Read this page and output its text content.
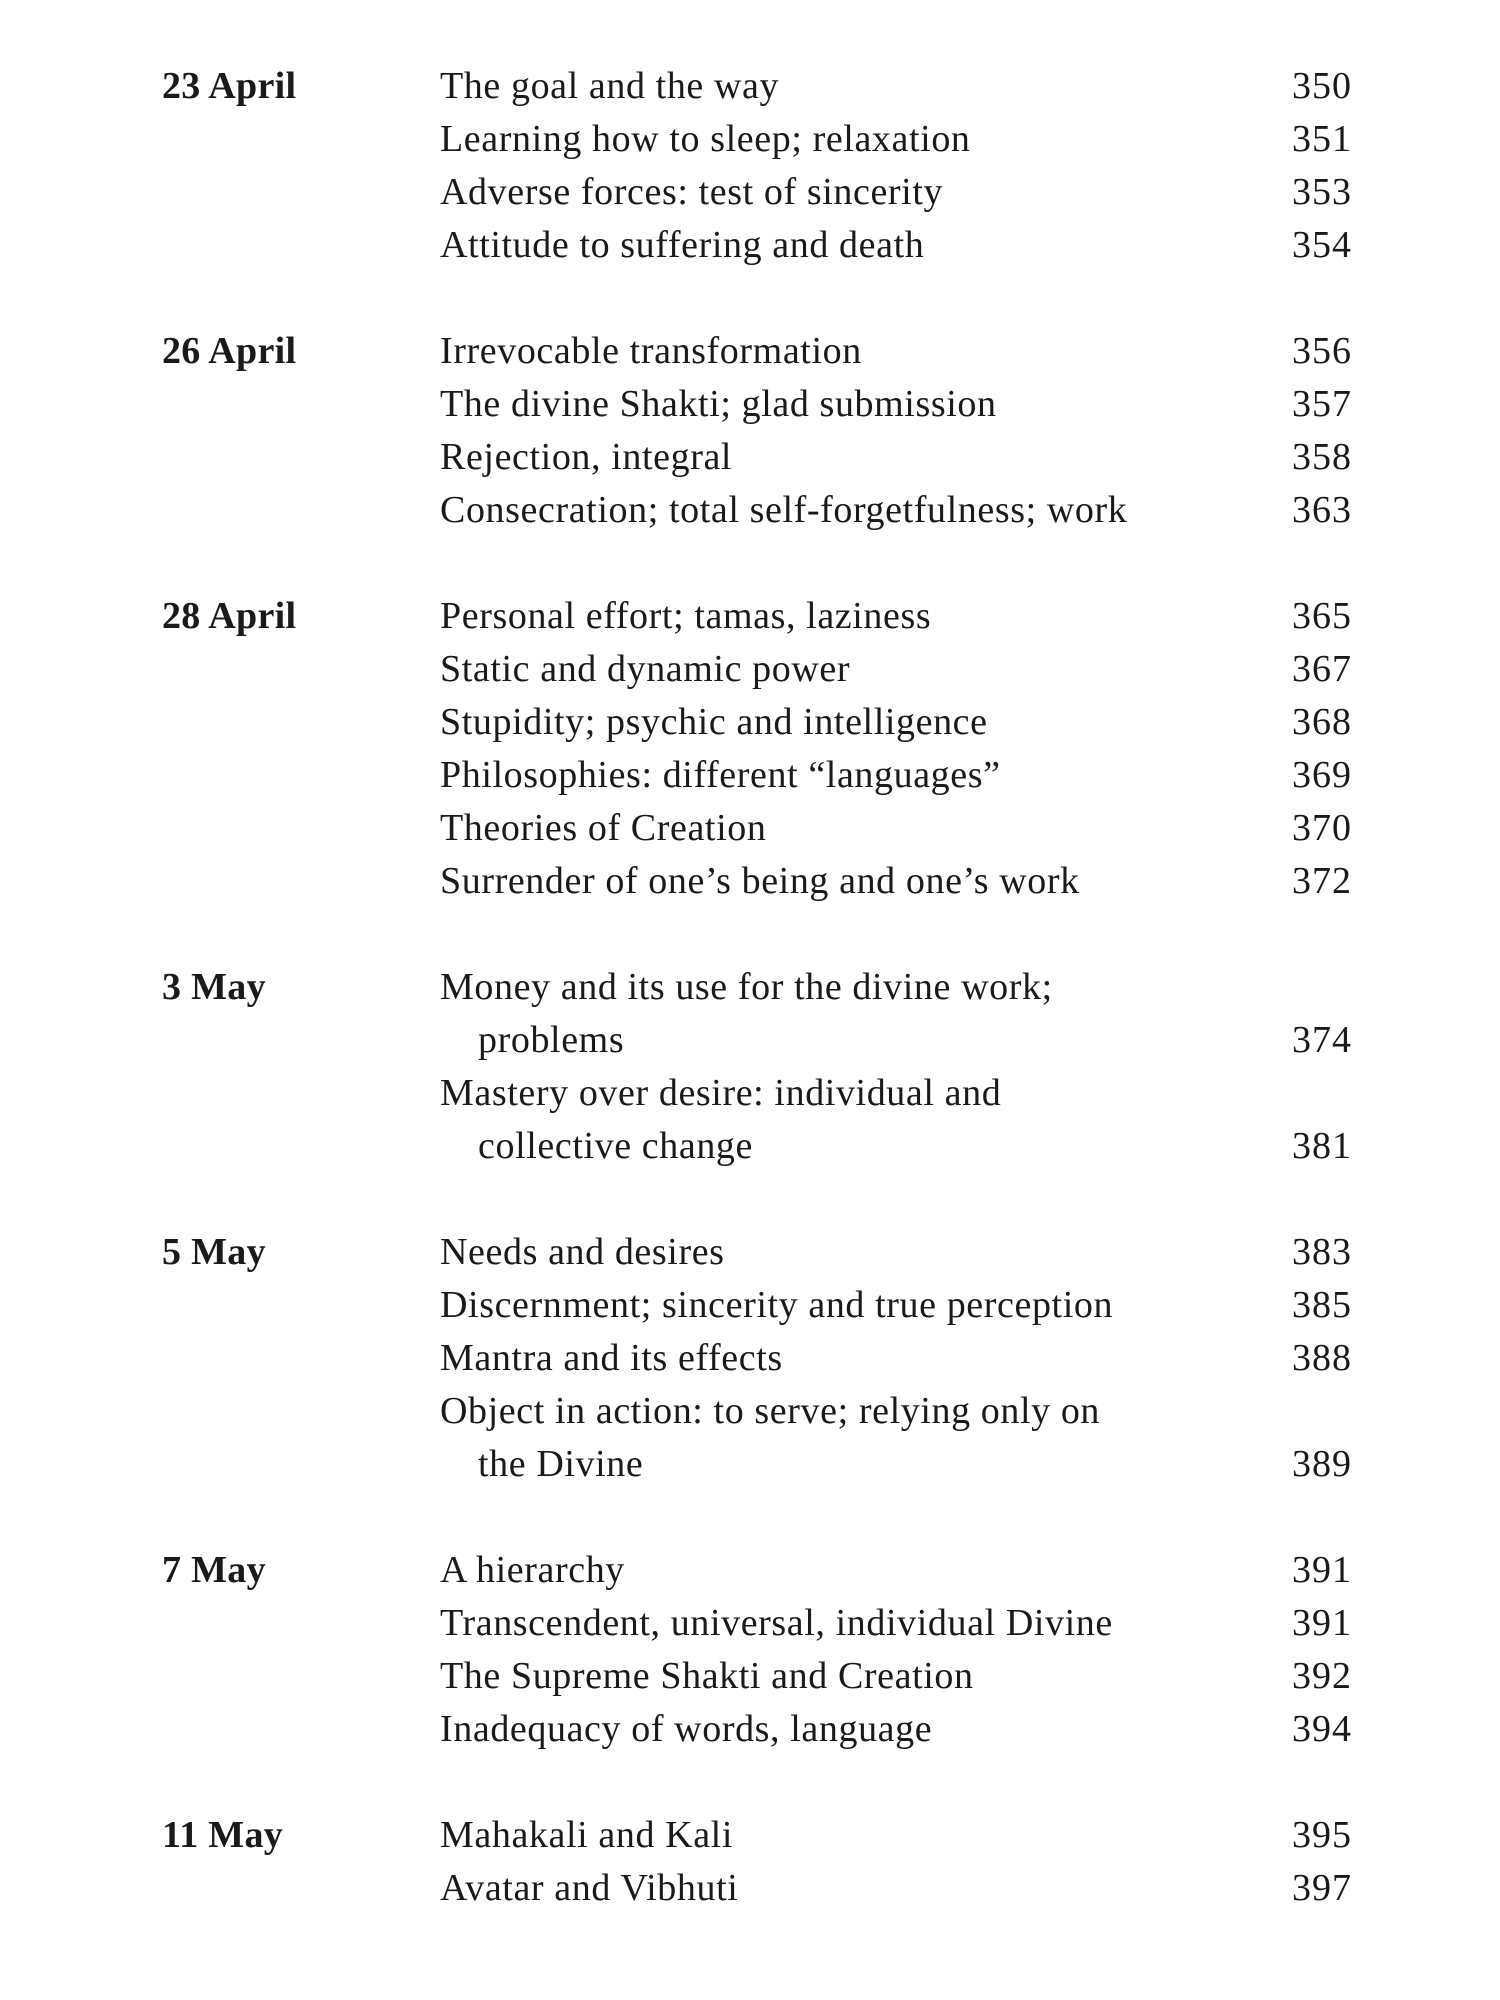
23 April	The goal and the way	350
Learning how to sleep; relaxation	351
Adverse forces: test of sincerity	353
Attitude to suffering and death	354
26 April	Irrevocable transformation	356
The divine Shakti; glad submission	357
Rejection, integral	358
Consecration; total self-forgetfulness; work	363
28 April	Personal effort; tamas, laziness	365
Static and dynamic power	367
Stupidity; psychic and intelligence	368
Philosophies: different “languages”	369
Theories of Creation	370
Surrender of one’s being and one’s work	372
3 May	Money and its use for the divine work;
problems	374
Mastery over desire: individual and
collective change	381
5 May	Needs and desires	383
Discernment; sincerity and true perception	385
Mantra and its effects	388
Object in action: to serve; relying only on
the Divine	389
7 May	A hierarchy	391
Transcendent, universal, individual Divine	391
The Supreme Shakti and Creation	392
Inadequacy of words, language	394
11 May	Mahakali and Kali	395
Avatar and Vibhuti	397
